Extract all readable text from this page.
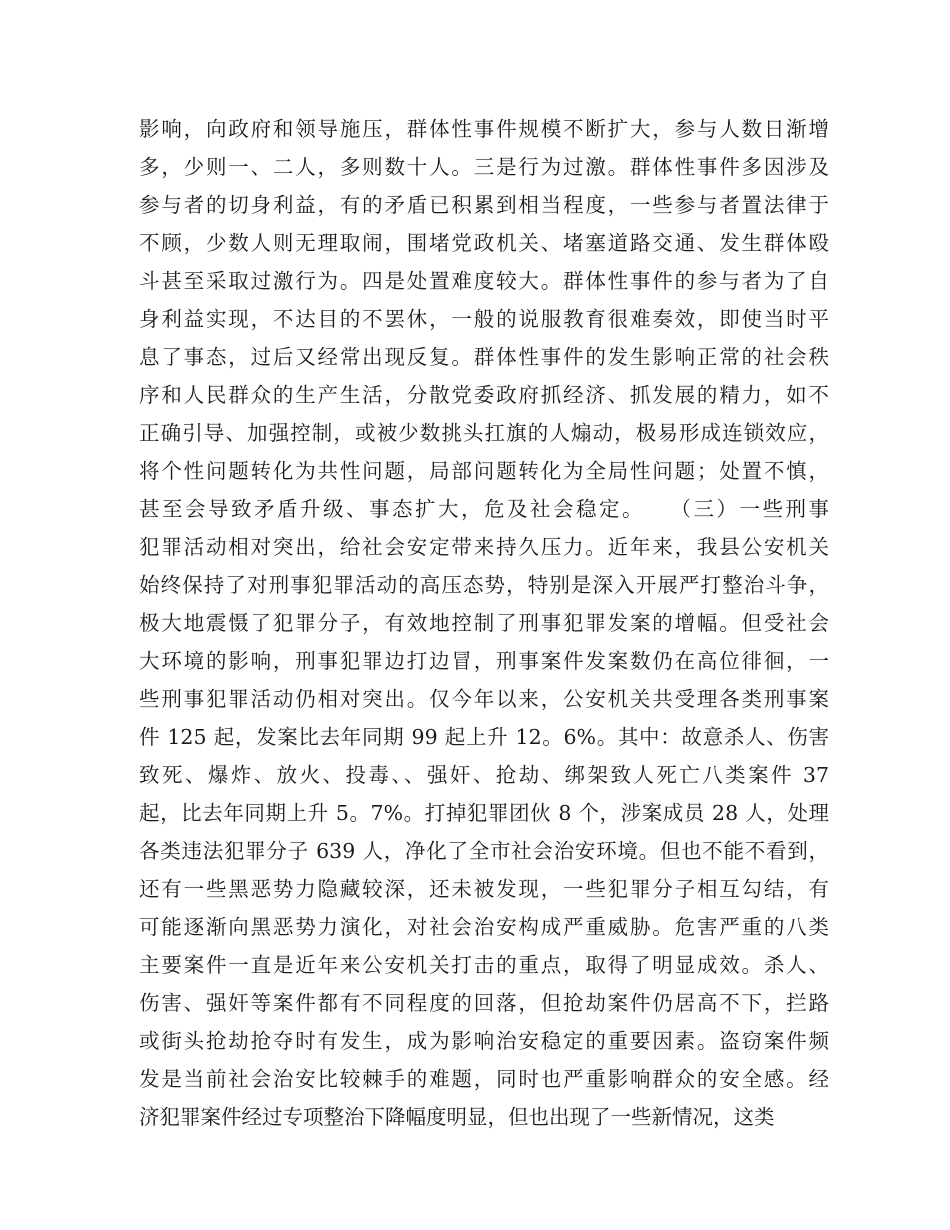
影响，向政府和领导施压，群体性事件规模不断扩大，参与人数日渐增
多，少则一、二人，多则数十人。三是行为过激。群体性事件多因涉及
参与者的切身利益，有的矛盾已积累到相当程度，一些参与者置法律于
不顾，少数人则无理取闹，围堵党政机关、堵塞道路交通、发生群体殴
斗甚至采取过激行为。四是处置难度较大。群体性事件的参与者为了自
身利益实现，不达目的不罢休，一般的说服教育很难奏效，即使当时平
息了事态，过后又经常出现反复。群体性事件的发生影响正常的社会秩
序和人民群众的生产生活，分散党委政府抓经济、抓发展的精力，如不
正确引导、加强控制，或被少数挑头扛旗的人煽动，极易形成连锁效应，
将个性问题转化为共性问题，局部问题转化为全局性问题；处置不慎，
甚至会导致矛盾升级、事态扩大，危及社会稳定。　　（三）一些刑事
犯罪活动相对突出，给社会安定带来持久压力。近年来，我县公安机关
始终保持了对刑事犯罪活动的高压态势，特别是深入开展严打整治斗争，
极大地震慑了犯罪分子，有效地控制了刑事犯罪发案的增幅。但受社会
大环境的影响，刑事犯罪边打边冒，刑事案件发案数仍在高位徘徊，一
些刑事犯罪活动仍相对突出。仅今年以来，公安机关共受理各类刑事案
件 125 起，发案比去年同期 99 起上升 12。6%。其中：故意杀人、伤害
致死、爆炸、放火、投毒、、强奸、抢劫、绑架致人死亡八类案件 37
起，比去年同期上升 5。7%。打掉犯罪团伙 8 个，涉案成员 28 人，处理
各类违法犯罪分子 639 人，净化了全市社会治安环境。但也不能不看到，
还有一些黑恶势力隐藏较深，还未被发现，一些犯罪分子相互勾结，有
可能逐渐向黑恶势力演化，对社会治安构成严重威胁。危害严重的八类
主要案件一直是近年来公安机关打击的重点，取得了明显成效。杀人、
伤害、强奸等案件都有不同程度的回落，但抢劫案件仍居高不下，拦路
或街头抢劫抢夺时有发生，成为影响治安稳定的重要因素。盗窃案件频
发是当前社会治安比较棘手的难题，同时也严重影响群众的安全感。经
济犯罪案件经过专项整治下降幅度明显，但也出现了一些新情况，这类
